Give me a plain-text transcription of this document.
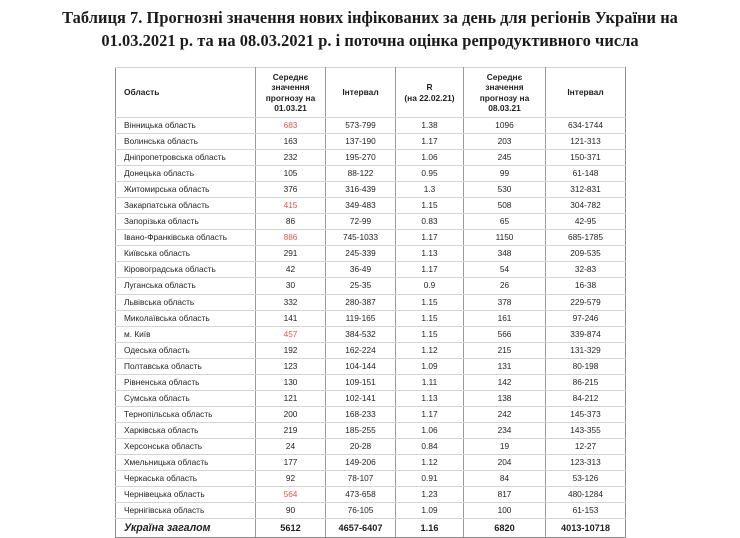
Таблиця 7. Прогнозні значення нових інфікованих за день для регіонів України на
01.03.2021 р. та на 08.03.2021 р. і поточна оцінка репродуктивного числа
Область	Середнє
значення
прогнозу на
01.03.21	Інтервал	R
(на 22.02.21)	Середнє
значення
прогнозу на
08.03.21	Інтервал
Вінницька область	683	573-799	1.38	1096	634-1744
Волинська область	163	137-190	1.17	203	121-313
Дніпропетровська область	232	195-270	1.06	245	150-371
Донецька область	105	88-122	0.95	99	61-148
Житомирська область	376	316-439	1.3	530	312-831
Закарпатська область	415	349-483	1.15	508	304-782
Запорізька область	86	72-99	0.83	65	42-95
Івано-Франківська область	886	745-1033	1.17	1150	685-1785
Київська область	291	245-339	1.13	348	209-535
Кіровоградська область	42	36-49	1.17	54	32-83
Луганська область	30	25-35	0.9	26	16-38
Львівська область	332	280-387	1.15	378	229-579
Миколаївська область	141	119-165	1.15	161	97-246
м. Київ	457	384-532	1.15	566	339-874
Одеська область	192	162-224	1.12	215	131-329
Полтавська область	123	104-144	1.09	131	80-198
Рівненська область	130	109-151	1.11	142	86-215
Сумська область	121	102-141	1.13	138	84-212
Тернопільська область	200	168-233	1.17	242	145-373
Харківська область	219	185-255	1.06	234	143-355
Херсонська область	24	20-28	0.84	19	12-27
Хмельницька область	177	149-206	1.12	204	123-313
Черкаська область	92	78-107	0.91	84	53-126
Чернівецька область	564	473-658	1.23	817	480-1284
Чернігівська область	90	76-105	1.09	100	61-153
Україна загалом	5612	4657-6407	1.16	6820	4013-10718
